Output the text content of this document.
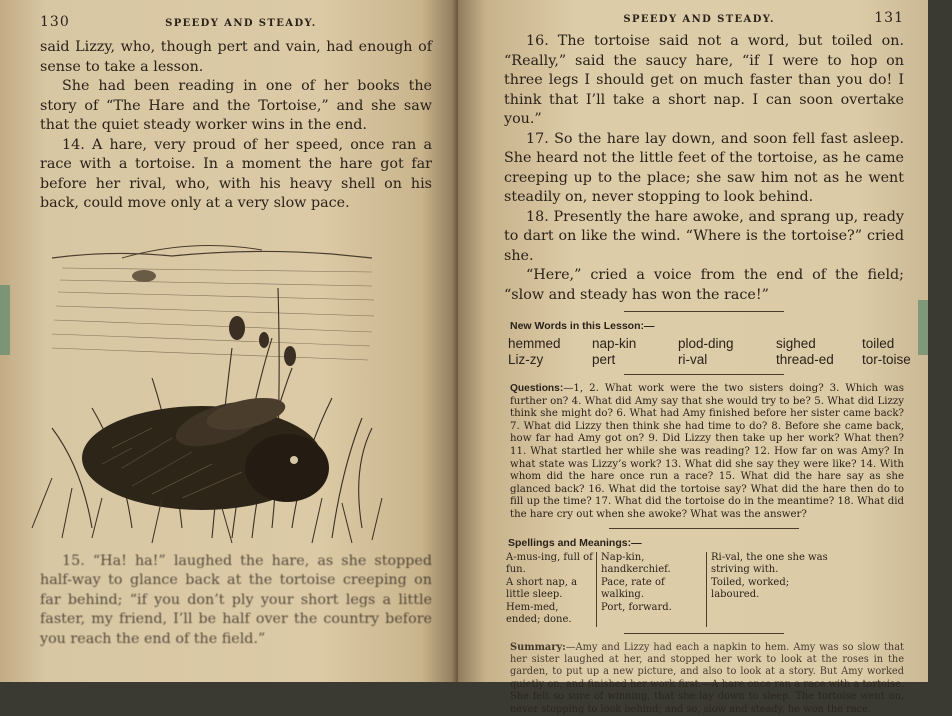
130	SPEEDY AND STEADY.

said Lizzy, who, though pert and vain, had enough of sense to take a lesson.

She had been reading in one of her books the story of “The Hare and the Tortoise,” and she saw that the quiet steady worker wins in the end.

14. A hare, very proud of her speed, once ran a race with a tortoise. In a moment the hare got far before her rival, who, with his heavy shell on his back, could move only at a very slow pace.

15. “Ha! ha!” laughed the hare, as she stopped half-way to glance back at the tortoise creeping on far behind; “if you don’t ply your short legs a little faster, my friend, I’ll be half over the country before you reach the end of the field.”

SPEEDY AND STEADY.	131

16. The tortoise said not a word, but toiled on. “Really,” said the saucy hare, “if I were to hop on three legs I should get on much faster than you do! I think that I’ll take a short nap. I can soon overtake you.”

17. So the hare lay down, and soon fell fast asleep. She heard not the little feet of the tortoise, as he came creeping up to the place; she saw him not as he went steadily on, never stopping to look behind.

18. Presently the hare awoke, and sprang up, ready to dart on like the wind. “Where is the tortoise?” cried she.

“Here,” cried a voice from the end of the field; “slow and steady has won the race!”

New Words in this Lesson:—
hemmed	nap-kin	plod-ding	sighed	toiled
Liz-zy	pert	ri-val	thread-ed	tor-toise

Questions:—1, 2. What work were the two sisters doing? 3. Which was further on? 4. What did Amy say that she would try to be? 5. What did Lizzy think she might do? 6. What had Amy finished before her sister came back? 7. What did Lizzy then think she had time to do? 8. Before she came back, how far had Amy got on? 9. Did Lizzy then take up her work? What then? 11. What startled her while she was reading? 12. How far on was Amy? In what state was Lizzy’s work? 13. What did she say they were like? 14. With whom did the hare once run a race? 15. What did the hare say as she glanced back? 16. What did the tortoise say? What did the hare then do to fill up the time? 17. What did the tortoise do in the meantime? 18. What did the hare cry out when she awoke? What was the answer?

Spellings and Meanings:—
A-mus-ing, full of fun.
A short nap, a little sleep.
Hem-med, ended; done.
Nap-kin, handkerchief.
Pace, rate of walking.
Port, forward.
Ri-val, the one she was
striving with.
Toiled, worked; laboured.

Summary:—Amy and Lizzy had each a napkin to hem. Amy was so slow that her sister laughed at her, and stopped her work to look at the roses in the garden, to put up a new picture, and also to look at a story. But Amy worked quietly on, and finished her work first.—A hare once ran a race with a tortoise. She felt so sure of winning, that she lay down to sleep. The tortoise went on, never stopping to look behind; and so, slow and steady, he won the race.
